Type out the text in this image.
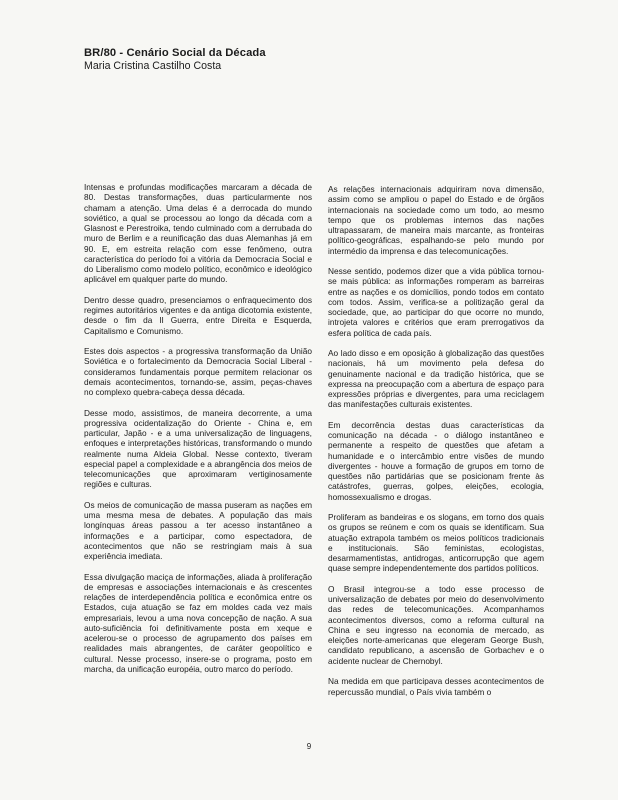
BR/80 - Cenário Social da Década

Maria Cristina Castilho Costa

Intensas e profundas modificações marcaram a década de 80. Destas transformações, duas particularmente nos chamam a atenção. Uma delas é a derrocada do mundo soviético, a qual se processou ao longo da década com a Glasnost e Perestroika, tendo culminado com a derrubada do muro de Berlim e a reunificação das duas Alemanhas já em 90. E, em estreita relação com esse fenômeno, outra característica do período foi a vitória da Democracia Social e do Liberalismo como modelo político, econômico e ideológico aplicável em qualquer parte do mundo.

Dentro desse quadro, presenciamos o enfraquecimento dos regimes autoritários vigentes e da antiga dicotomia existente, desde o fim da II Guerra, entre Direita e Esquerda, Capitalismo e Comunismo.

Estes dois aspectos - a progressiva transformação da União Soviética e o fortalecimento da Democracia Social Liberal - consideramos fundamentais porque permitem relacionar os demais acontecimentos, tornando-se, assim, peças-chaves no complexo quebra-cabeça dessa década.

Desse modo, assistimos, de maneira decorrente, a uma progressiva ocidentalização do Oriente - China e, em particular, Japão - e a uma universalização de linguagens, enfoques e interpretações históricas, transformando o mundo realmente numa Aldeia Global. Nesse contexto, tiveram especial papel a complexidade e a abrangência dos meios de telecomunicações que aproximaram vertiginosamente regiões e culturas.

Os meios de comunicação de massa puseram as nações em uma mesma mesa de debates. A população das mais longínquas áreas passou a ter acesso instantâneo a informações e a participar, como espectadora, de acontecimentos que não se restringiam mais à sua experiência imediata.

Essa divulgação maciça de informações, aliada à proliferação de empresas e associações internacionais e às crescentes relações de interdependência política e econômica entre os Estados, cuja atuação se faz em moldes cada vez mais empresariais, levou a uma nova concepção de nação. A sua auto-suficiência foi definitivamente posta em xeque e acelerou-se o processo de agrupamento dos países em realidades mais abrangentes, de caráter geopolítico e cultural. Nesse processo, insere-se o programa, posto em marcha, da unificação européia, outro marco do período.

As relações internacionais adquiriram nova dimensão, assim como se ampliou o papel do Estado e de órgãos internacionais na sociedade como um todo, ao mesmo tempo que os problemas internos das nações ultrapassaram, de maneira mais marcante, as fronteiras político-geográficas, espalhando-se pelo mundo por intermédio da imprensa e das telecomunicações.

Nesse sentido, podemos dizer que a vida pública tornou-se mais pública: as informações romperam as barreiras entre as nações e os domicílios, pondo todos em contato com todos. Assim, verifica-se a politização geral da sociedade, que, ao participar do que ocorre no mundo, introjeta valores e critérios que eram prerrogativos da esfera política de cada país.

Ao lado disso e em oposição à globalização das questões nacionais, há um movimento pela defesa do genuinamente nacional e da tradição histórica, que se expressa na preocupação com a abertura de espaço para expressões próprias e divergentes, para uma reciclagem das manifestações culturais existentes.

Em decorrência destas duas características da comunicação na década - o diálogo instantâneo e permanente a respeito de questões que afetam a humanidade e o intercâmbio entre visões de mundo divergentes - houve a formação de grupos em torno de questões não partidárias que se posicionam frente às catástrofes, guerras, golpes, eleições, ecologia, homossexualismo e drogas.

Proliferam as bandeiras e os slogans, em torno dos quais os grupos se reúnem e com os quais se identificam. Sua atuação extrapola também os meios políticos tradicionais e institucionais. São feministas, ecologistas, desarmamentistas, antidrogas, anticorrupção que agem quase sempre independentemente dos partidos políticos.

O Brasil integrou-se a todo esse processo de universalização de debates por meio do desenvolvimento das redes de telecomunicações. Acompanhamos acontecimentos diversos, como a reforma cultural na China e seu ingresso na economia de mercado, as eleições norte-americanas que elegeram George Bush, candidato republicano, a ascensão de Gorbachev e o acidente nuclear de Chernobyl.

Na medida em que participava desses acontecimentos de repercussão mundial, o País vivia também o

9
